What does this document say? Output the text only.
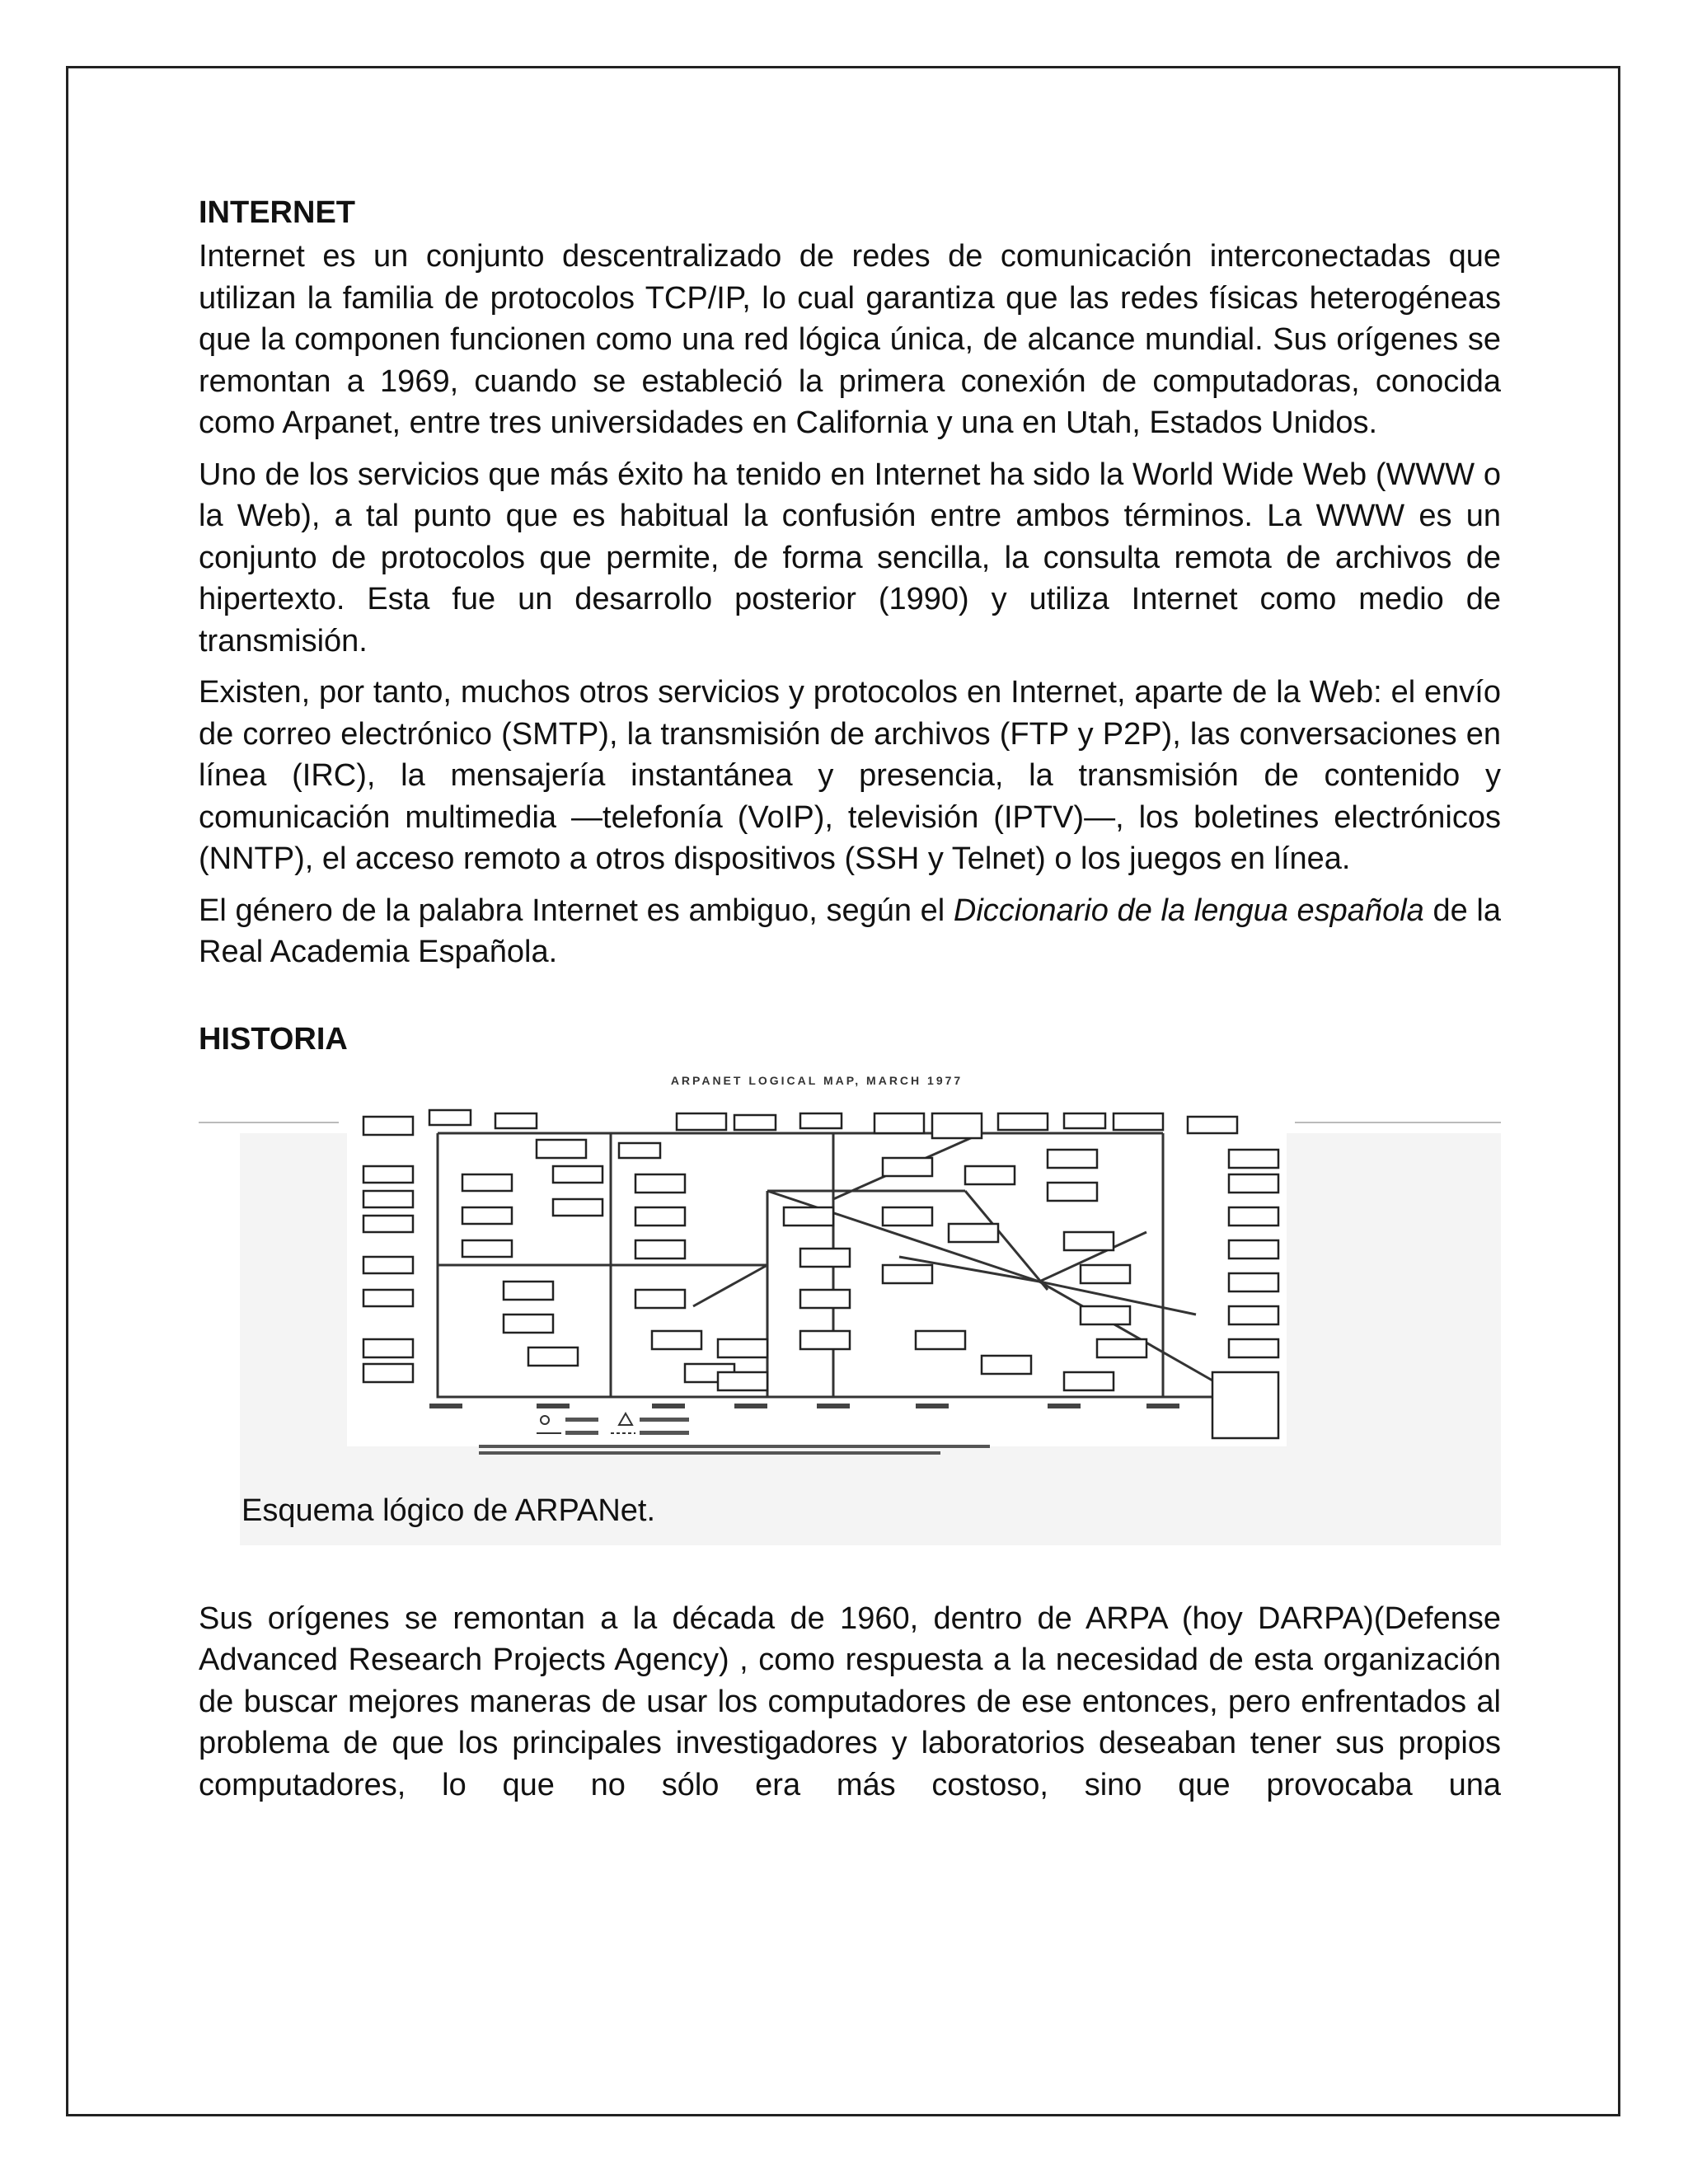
INTERNET

Internet es un conjunto descentralizado de redes de comunicación interconectadas que utilizan la familia de protocolos TCP/IP, lo cual garantiza que las redes físicas heterogéneas que la componen funcionen como una red lógica única, de alcance mundial. Sus orígenes se remontan a 1969, cuando se estableció la primera conexión de computadoras, conocida como Arpanet, entre tres universidades en California y una en Utah, Estados Unidos.

Uno de los servicios que más éxito ha tenido en Internet ha sido la World Wide Web (WWW o la Web), a tal punto que es habitual la confusión entre ambos términos. La WWW es un conjunto de protocolos que permite, de forma sencilla, la consulta remota de archivos de hipertexto. Esta fue un desarrollo posterior (1990) y utiliza Internet como medio de transmisión.

Existen, por tanto, muchos otros servicios y protocolos en Internet, aparte de la Web: el envío de correo electrónico (SMTP), la transmisión de archivos (FTP y P2P), las conversaciones en línea (IRC), la mensajería instantánea y presencia, la transmisión de contenido y comunicación multimedia —telefonía (VoIP), televisión (IPTV)—, los boletines electrónicos (NNTP), el acceso remoto a otros dispositivos (SSH y Telnet) o los juegos en línea.

El género de la palabra Internet es ambiguo, según el Diccionario de la lengua española de la Real Academia Española.

HISTORIA
ARPANET LOGICAL MAP, MARCH 1977
Esquema lógico de ARPANet.

Sus orígenes se remontan a la década de 1960, dentro de ARPA (hoy DARPA)(Defense Advanced Research Projects Agency) , como respuesta a la necesidad de esta organización de buscar mejores maneras de usar los computadores de ese entonces, pero enfrentados al problema de que los principales investigadores y laboratorios deseaban tener sus propios computadores, lo que no sólo era más costoso, sino que provocaba una
